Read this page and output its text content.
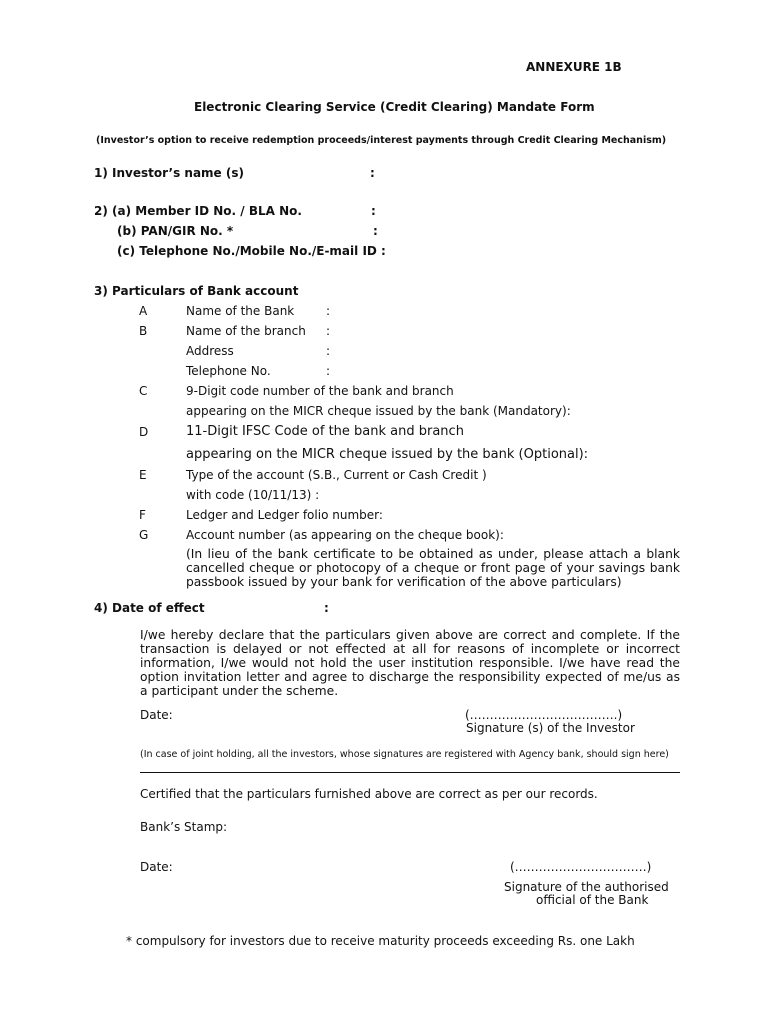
ANNEXURE 1B
Electronic Clearing Service (Credit Clearing) Mandate Form
(Investor’s option to receive redemption proceeds/interest payments through Credit Clearing Mechanism)
1) Investor’s name (s)	:
2) (a) Member ID No. / BLA No.	:
(b) PAN/GIR No. *	:
(c) Telephone No./Mobile No./E-mail ID :
3) Particulars of Bank account
A	Name of the Bank	:
B	Name of the branch :
Address	:
Telephone No.	:
C	9-Digit code number of the bank and branch
appearing on the MICR cheque issued by the bank (Mandatory):
D	11-Digit IFSC Code of the bank and branch
appearing on the MICR cheque issued by the bank (Optional):
E	Type of the account (S.B., Current or Cash Credit )
with code (10/11/13) :
F	Ledger and Ledger folio number:
G	Account number (as appearing on the cheque book):
(In lieu of the bank certificate to be obtained as under, please attach a blank cancelled cheque or photocopy of a cheque or front page of your savings bank passbook issued by your bank for verification of the above particulars)
4) Date of effect	:
I/we hereby declare that the particulars given above are correct and complete. If the transaction is delayed or not effected at all for reasons of incomplete or incorrect information, I/we would not hold the user institution responsible. I/we have read the option invitation letter and agree to discharge the responsibility expected of me/us as a participant under the scheme.
Date:	(……………………………….)
Signature (s) of the Investor
(In case of joint holding, all the investors, whose signatures are registered with Agency bank, should sign here)
Certified that the particulars furnished above are correct as per our records.
Bank’s Stamp:
Date:	(……………………………)
Signature of the authorised
official of the Bank
* compulsory for investors due to receive maturity proceeds exceeding Rs. one Lakh
